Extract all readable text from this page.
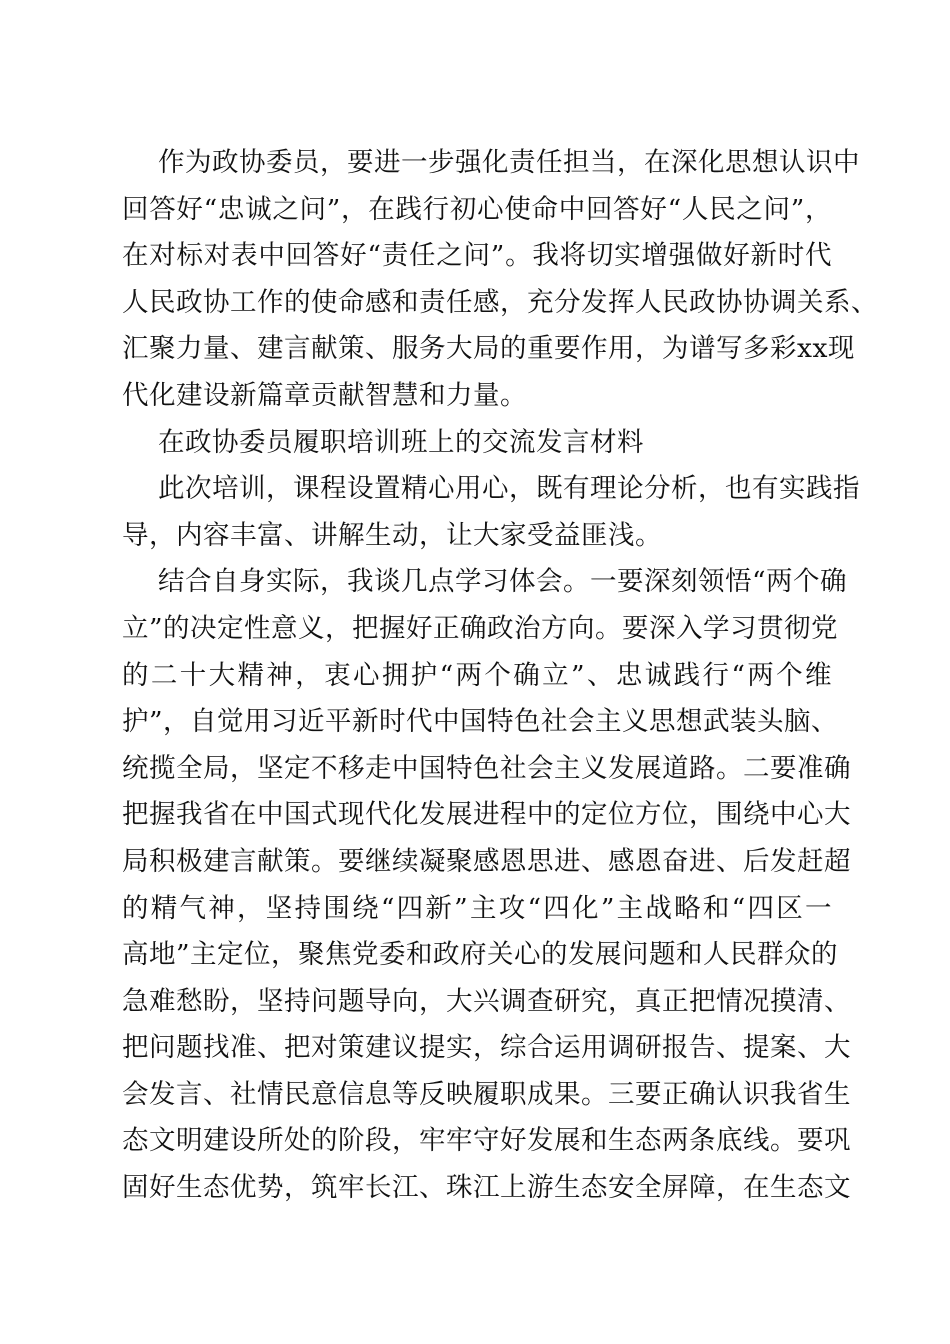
作为政协委员，要进一步强化责任担当，在深化思想认识中
回答好“忠诚之问”，在践行初心使命中回答好“人民之问”，
在对标对表中回答好“责任之问”。我将切实增强做好新时代
人民政协工作的使命感和责任感，充分发挥人民政协协调关系、
汇聚力量、建言献策、服务大局的重要作用，为谱写多彩xx现
代化建设新篇章贡献智慧和力量。
在政协委员履职培训班上的交流发言材料
此次培训，课程设置精心用心，既有理论分析，也有实践指
导，内容丰富、讲解生动，让大家受益匪浅。
结合自身实际，我谈几点学习体会。一要深刻领悟“两个确
立”的决定性意义，把握好正确政治方向。要深入学习贯彻党
的二十大精神，衷心拥护“两个确立”、忠诚践行“两个维
护”，自觉用习近平新时代中国特色社会主义思想武装头脑、
统揽全局，坚定不移走中国特色社会主义发展道路。二要准确
把握我省在中国式现代化发展进程中的定位方位，围绕中心大
局积极建言献策。要继续凝聚感恩思进、感恩奋进、后发赶超
的精气神，坚持围绕“四新”主攻“四化”主战略和“四区一
高地”主定位，聚焦党委和政府关心的发展问题和人民群众的
急难愁盼，坚持问题导向，大兴调查研究，真正把情况摸清、
把问题找准、把对策建议提实，综合运用调研报告、提案、大
会发言、社情民意信息等反映履职成果。三要正确认识我省生
态文明建设所处的阶段，牢牢守好发展和生态两条底线。要巩
固好生态优势，筑牢长江、珠江上游生态安全屏障，在生态文
